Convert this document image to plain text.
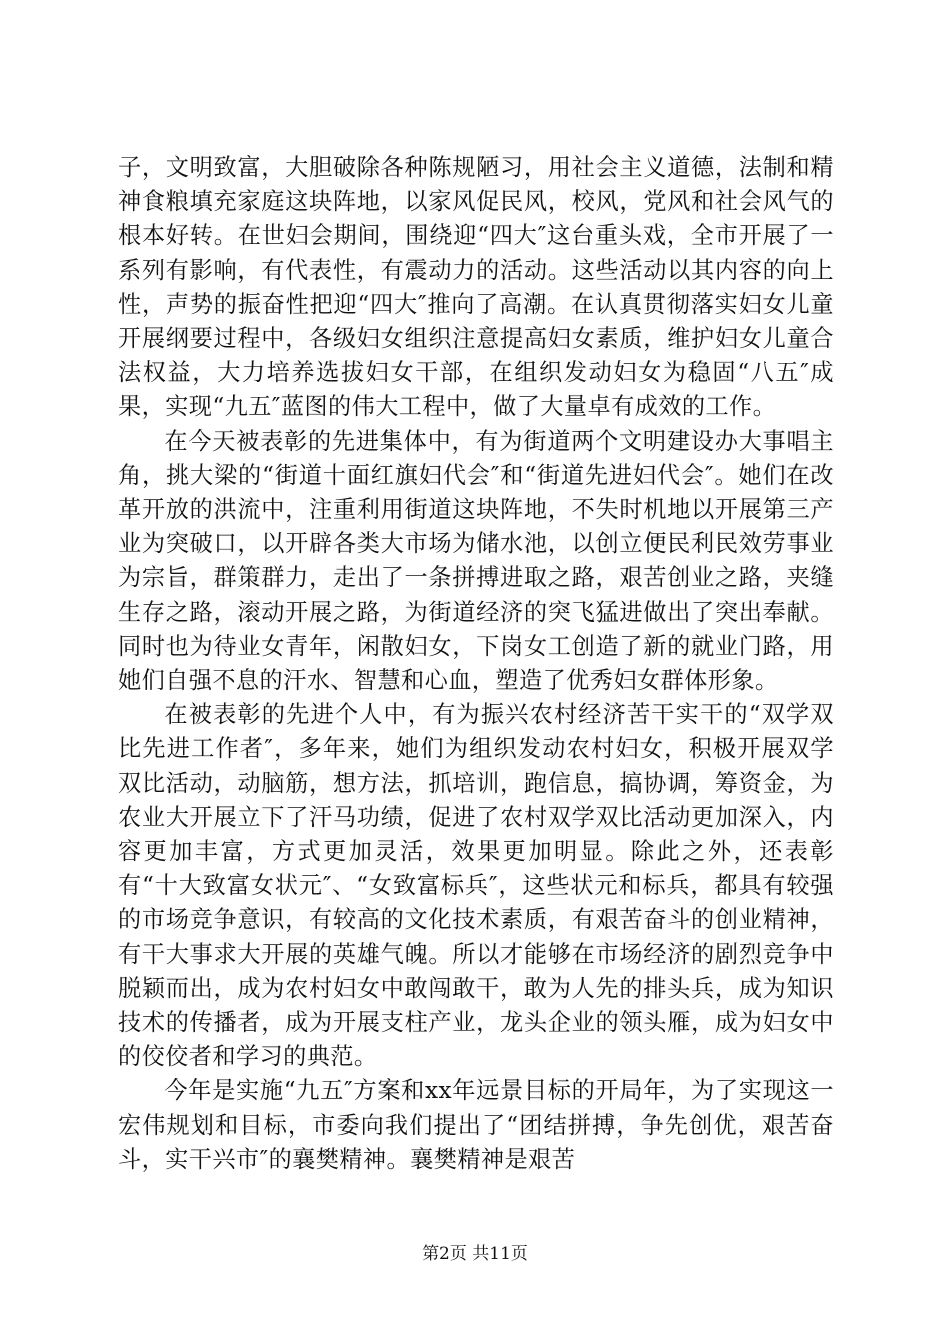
子，文明致富，大胆破除各种陈规陋习，用社会主义道德，法制和精神食粮填充家庭这块阵地，以家风促民风，校风，党风和社会风气的根本好转。在世妇会期间，围绕迎“四大″这台重头戏，全市开展了一系列有影响，有代表性，有震动力的活动。这些活动以其内容的向上性，声势的振奋性把迎“四大″推向了高潮。在认真贯彻落实妇女儿童开展纲要过程中，各级妇女组织注意提高妇女素质，维护妇女儿童合法权益，大力培养选拔妇女干部，在组织发动妇女为稳固“八五″成果，实现“九五″蓝图的伟大工程中，做了大量卓有成效的工作。

在今天被表彰的先进集体中，有为街道两个文明建设办大事唱主角，挑大梁的“街道十面红旗妇代会″和“街道先进妇代会″。她们在改革开放的洪流中，注重利用街道这块阵地，不失时机地以开展第三产业为突破口，以开辟各类大市场为储水池，以创立便民利民效劳事业为宗旨，群策群力，走出了一条拼搏进取之路，艰苦创业之路，夹缝生存之路，滚动开展之路，为街道经济的突飞猛进做出了突出奉献。同时也为待业女青年，闲散妇女，下岗女工创造了新的就业门路，用她们自强不息的汗水、智慧和心血，塑造了优秀妇女群体形象。

在被表彰的先进个人中，有为振兴农村经济苦干实干的“双学双比先进工作者″，多年来，她们为组织发动农村妇女，积极开展双学双比活动，动脑筋，想方法，抓培训，跑信息，搞协调，筹资金，为农业大开展立下了汗马功绩，促进了农村双学双比活动更加深入，内容更加丰富，方式更加灵活，效果更加明显。除此之外，还表彰有“十大致富女状元″、“女致富标兵″，这些状元和标兵，都具有较强的市场竞争意识，有较高的文化技术素质，有艰苦奋斗的创业精神，有干大事求大开展的英雄气魄。所以才能够在市场经济的剧烈竞争中脱颖而出，成为农村妇女中敢闯敢干，敢为人先的排头兵，成为知识技术的传播者，成为开展支柱产业，龙头企业的领头雁，成为妇女中的佼佼者和学习的典范。

今年是实施“九五″方案和xx年远景目标的开局年，为了实现这一宏伟规划和目标，市委向我们提出了“团结拼搏，争先创优，艰苦奋斗，实干兴市″的襄樊精神。襄樊精神是艰苦

第2页 共11页
